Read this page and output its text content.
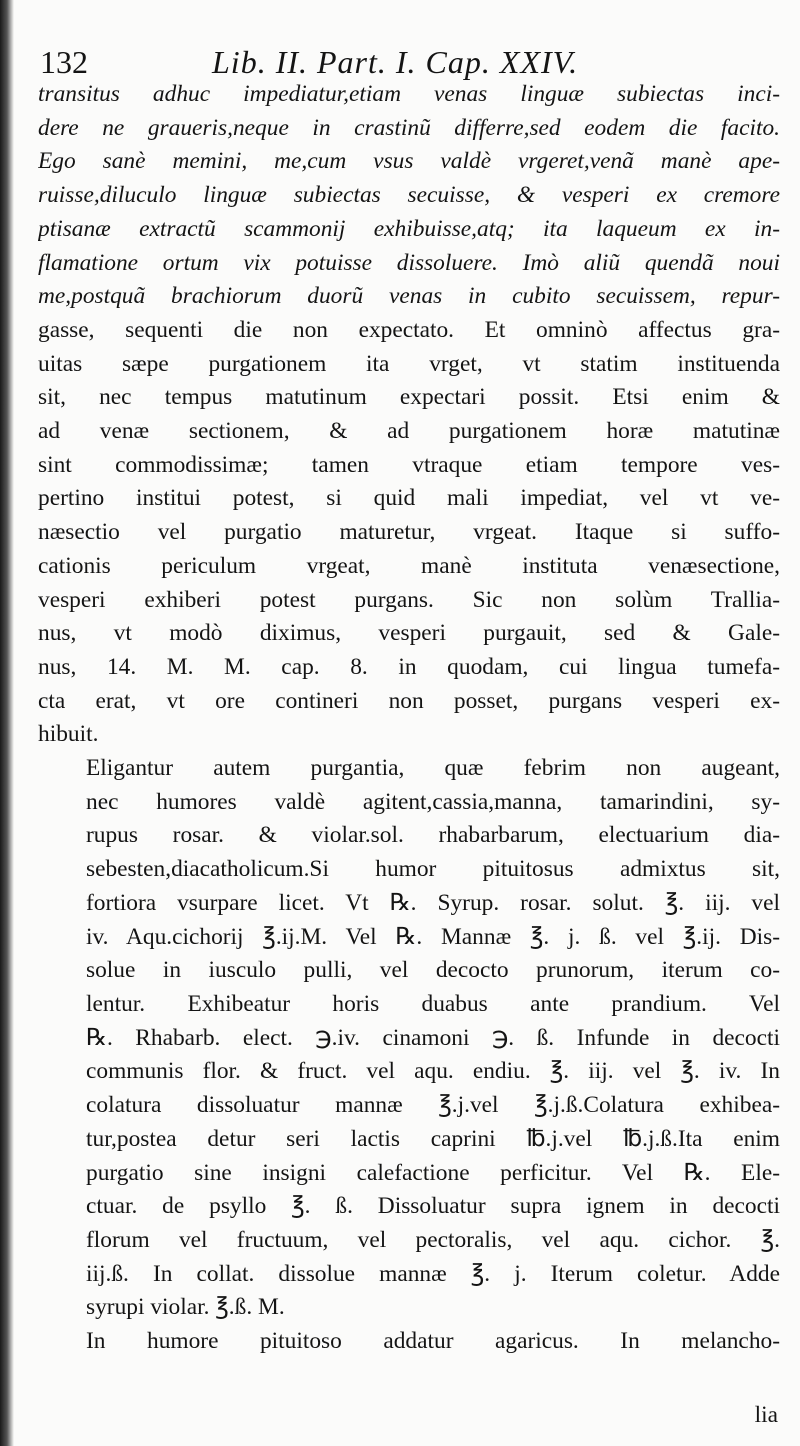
132	Lib. II. Part. I. Cap. XXIV.
transitus adhuc impediatur,etiam venas linguæ subiectas inci-
dere ne graueris,neque in crastinũ differre,sed eodem die facito.
Ego sanè memini, me,cum vsus valdè vrgeret,venã manè ape-
ruisse,diluculo linguæ subiectas secuisse, & vesperi ex cremore
ptisanæ extractũ scammonij exhibuisse,atq; ita laqueum ex in-
flamatione ortum vix potuisse dissoluere. Imò aliũ quendã noui
me,postquã brachiorum duorũ venas in cubito secuissem, repur-
gasse, sequenti die non expectato. Et omninò affectus gra-
uitas sæpe purgationem ita vrget, vt statim instituenda
sit, nec tempus matutinum expectari possit. Etsi enim &
ad venæ sectionem, & ad purgationem horæ matutinæ
sint commodissimæ; tamen vtraque etiam tempore ves-
pertino institui potest, si quid mali impediat, vel vt ve-
næsectio vel purgatio maturetur, vrgeat. Itaque si suffo-
cationis periculum vrgeat, manè instituta venæsectione,
vesperi exhiberi potest purgans. Sic non solùm Trallia-
nus, vt modò diximus, vesperi purgauit, sed & Gale-
nus, 14. M. M. cap. 8. in quodam, cui lingua tumefa-
cta erat, vt ore contineri non posset, purgans vesperi ex-
hibuit.
Eligantur autem purgantia, quæ febrim non augeant,
nec humores valdè agitent,cassia,manna, tamarindini, sy-
rupus rosar. & violar.sol. rhabarbarum, electuarium dia-
sebesten,diacatholicum.Si humor pituitosus admixtus sit,
fortiora vsurpare licet. Vt ℞. Syrup. rosar. solut. ℥. iij. vel
iv. Aqu.cichorij ℥.ij.M. Vel ℞. Mannæ ℥. j. ß. vel ℥.ij. Dis-
solue in iusculo pulli, vel decocto prunorum, iterum co-
lentur. Exhibeatur horis duabus ante prandium. Vel
℞. Rhabarb. elect. ℈.iv. cinamoni ℈. ß. Infunde in decocti
communis flor. & fruct. vel aqu. endiu. ℥. iij. vel ℥. iv. In
colatura dissoluatur mannæ ℥.j.vel ℥.j.ß.Colatura exhibea-
tur,postea detur seri lactis caprini ℔.j.vel ℔.j.ß.Ita enim
purgatio sine insigni calefactione perficitur. Vel ℞. Ele-
ctuar. de psyllo ℥. ß. Dissoluatur supra ignem in decocti
florum vel fructuum, vel pectoralis, vel aqu. cichor. ℥.
iij.ß. In collat. dissolue mannæ ℥. j. Iterum coletur. Adde
syrupi violar. ℥.ß. M.
In humore pituitoso addatur agaricus. In melancho-
lia
